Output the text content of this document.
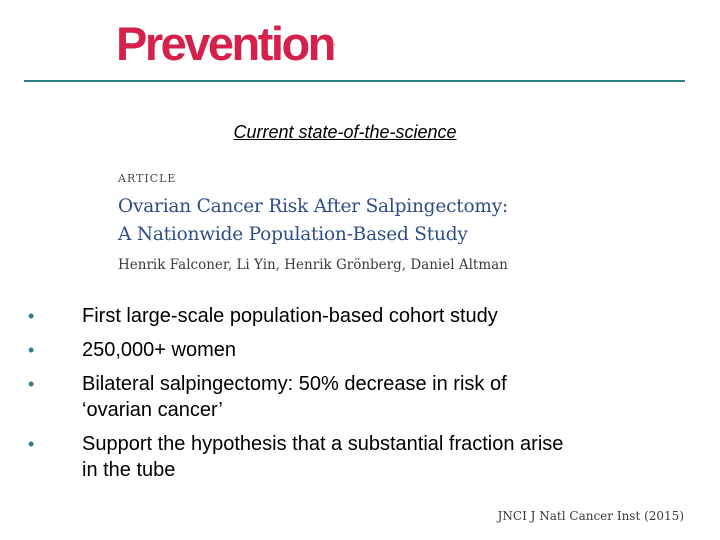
Prevention.
Current state-of-the-science
ARTICLE
Ovarian Cancer Risk After Salpingectomy:
A Nationwide Population-Based Study
Henrik Falconer, Li Yin, Henrik Grönberg, Daniel Altman
•	First large-scale population-based cohort study
•	250,000+ women
•	Bilateral salpingectomy: 50% decrease in risk of
‘ovarian cancer’
•	Support the hypothesis that a substantial fraction arise
in the tube
JNCI J Natl Cancer Inst (2015)
